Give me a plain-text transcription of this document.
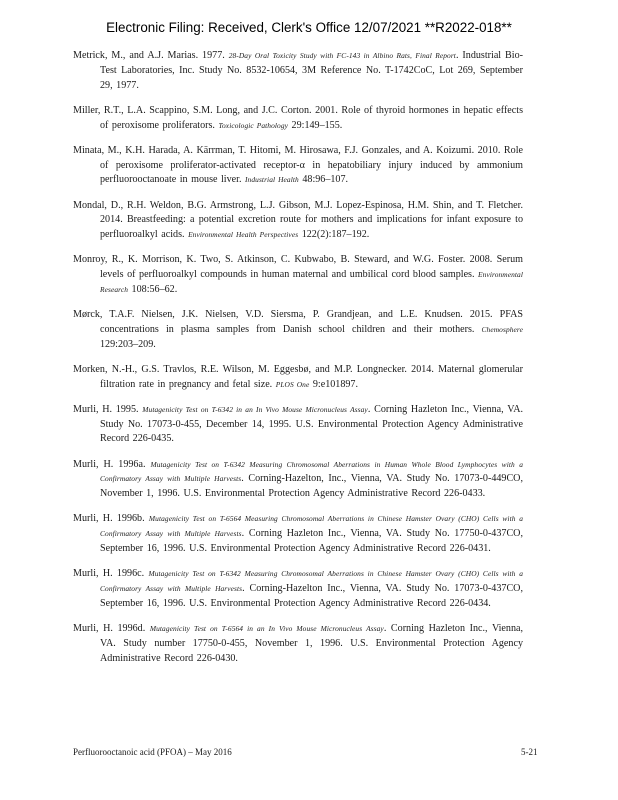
Electronic Filing: Received, Clerk's Office 12/07/2021 **R2022-018**
Metrick, M., and A.J. Marias. 1977. 28-Day Oral Toxicity Study with FC-143 in Albino Rats, Final Report. Industrial Bio-Test Laboratories, Inc. Study No. 8532-10654, 3M Reference No. T-1742CoC, Lot 269, September 29, 1977.
Miller, R.T., L.A. Scappino, S.M. Long, and J.C. Corton. 2001. Role of thyroid hormones in hepatic effects of peroxisome proliferators. Toxicologic Pathology 29:149–155.
Minata, M., K.H. Harada, A. Kärrman, T. Hitomi, M. Hirosawa, F.J. Gonzales, and A. Koizumi. 2010. Role of peroxisome proliferator-activated receptor-α in hepatobiliary injury induced by ammonium perfluorooctanoate in mouse liver. Industrial Health 48:96–107.
Mondal, D., R.H. Weldon, B.G. Armstrong, L.J. Gibson, M.J. Lopez-Espinosa, H.M. Shin, and T. Fletcher. 2014. Breastfeeding: a potential excretion route for mothers and implications for infant exposure to perfluoroalkyl acids. Environmental Health Perspectives 122(2):187–192.
Monroy, R., K. Morrison, K. Two, S. Atkinson, C. Kubwabo, B. Steward, and W.G. Foster. 2008. Serum levels of perfluoroalkyl compounds in human maternal and umbilical cord blood samples. Environmental Research 108:56–62.
Mørck, T.A.F. Nielsen, J.K. Nielsen, V.D. Siersma, P. Grandjean, and L.E. Knudsen. 2015. PFAS concentrations in plasma samples from Danish school children and their mothers. Chemosphere 129:203–209.
Morken, N.-H., G.S. Travlos, R.E. Wilson, M. Eggesbø, and M.P. Longnecker. 2014. Maternal glomerular filtration rate in pregnancy and fetal size. PLOS One 9:e101897.
Murli, H. 1995. Mutagenicity Test on T-6342 in an In Vivo Mouse Micronucleus Assay. Corning Hazleton Inc., Vienna, VA. Study No. 17073-0-455, December 14, 1995. U.S. Environmental Protection Agency Administrative Record 226-0435.
Murli, H. 1996a. Mutagenicity Test on T-6342 Measuring Chromosomal Aberrations in Human Whole Blood Lymphocytes with a Confirmatory Assay with Multiple Harvests. Corning-Hazelton, Inc., Vienna, VA. Study No. 17073-0-449CO, November 1, 1996. U.S. Environmental Protection Agency Administrative Record 226-0433.
Murli, H. 1996b. Mutagenicity Test on T-6564 Measuring Chromosomal Aberrations in Chinese Hamster Ovary (CHO) Cells with a Confirmatory Assay with Multiple Harvests. Corning Hazleton Inc., Vienna, VA. Study No. 17750-0-437CO, September 16, 1996. U.S. Environmental Protection Agency Administrative Record 226-0431.
Murli, H. 1996c. Mutagenicity Test on T-6342 Measuring Chromosomal Aberrations in Chinese Hamster Ovary (CHO) Cells with a Confirmatory Assay with Multiple Harvests. Corning-Hazelton Inc., Vienna, VA. Study No. 17073-0-437CO, September 16, 1996. U.S. Environmental Protection Agency Administrative Record 226-0434.
Murli, H. 1996d. Mutagenicity Test on T-6564 in an In Vivo Mouse Micronucleus Assay. Corning Hazleton Inc., Vienna, VA. Study number 17750-0-455, November 1, 1996. U.S. Environmental Protection Agency Administrative Record 226-0430.
Perfluorooctanoic acid (PFOA) – May 2016	5-21
